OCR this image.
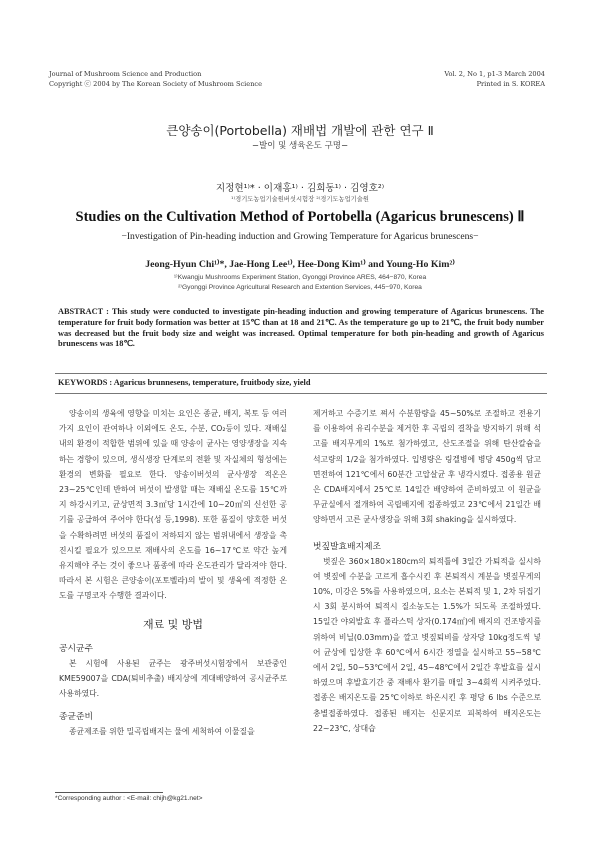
Journal of Mushroom Science and Production
Copyright ⓒ 2004 by The Korean Society of Mushroom Science
Vol. 2, No 1, p1-3 March 2004
Printed in S. KOREA
큰양송이(Portobella) 재배법 개발에 관한 연구 Ⅱ
−발이 및 생육온도 구명−
지정현¹⁾* · 이재홍¹⁾ · 김희동¹⁾ · 김영호²⁾
¹⁾경기도농업기술원버섯시험장 ²⁾경기도농업기술원
Studies on the Cultivation Method of Portobella (Agaricus brunescens) Ⅱ
−Investigation of Pin-heading induction and Growing Temperature for Agaricus brunescens−
Jeong-Hyun Chi¹⁾*, Jae-Hong Lee¹⁾, Hee-Dong Kim¹⁾ and Young-Ho Kim²⁾
¹⁾Kwangju Mushrooms Experiment Station, Gyonggi Province ARES, 464−870, Korea
²⁾Gyonggi Province Agricultural Research and Extention Services, 445−970, Korea
ABSTRACT : This study were conducted to investigate pin-heading induction and growing temperature of Agaricus brunescens. The temperature for fruit body formation was better at 15℃ than at 18 and 21℃. As the temperature go up to 21℃, the fruit body number was decreased but the fruit body size and weight was increased. Optimal temperature for both pin-heading and growth of Agaricus brunescens was 18℃.
KEYWORDS : Agaricus brunnesens, temperature, fruitbody size, yield

양송이의 생육에 영향을 미치는 요인은 종균, 배지, 복토 등 여러 가지 요인이 관여하나 이외에도 온도, 수분, CO₂등이 있다. 재배실내의 환경이 적합한 범위에 있을 때 양송이 균사는 영양생장을 지속하는 경향이 있으며, 생식생장 단계로의 전환 및 자실체의 형성에는 환경의 변화를 필요로 한다. 양송이버섯의 균사생장 적온은 23∼25℃인데 반하여 버섯이 발생할 때는 재배실 온도를 15℃까지 하강시키고, 균상면적 3.3㎡당 1시간에 10∼20㎥의 신선한 공기를 공급하여 주어야 한다(성 등,1998). 또한 품질이 양호한 버섯을 수확하려면 버섯의 품질이 저하되지 않는 범위내에서 생장을 촉진시킬 필요가 있으므로 재배사의 온도를 16∼17℃로 약간 높게 유지해야 주는 것이 좋으나 품종에 따라 온도관리가 달라져야 한다. 따라서 본 시험은 큰양송이(포토벨라)의 발이 및 생육에 적정한 온도를 구명코자 수행한 결과이다.

재료 및 방법
공시균주

본 시험에 사용된 균주는 광주버섯시험장에서 보관중인 KME59007을 CDA(퇴비추출) 배지상에 계대배양하여 공시균주로 사용하였다.

종균준비

종균제조를 위한 밀곡립배지는 물에 세척하여 이물질을

제거하고 수증기로 쪄서 수분함량을 45∼50%로 조절하고 전용기를 이용하여 유리수분을 제거한 후 곡립의 결착을 방지하기 위해 석고를 배지무게의 1%로 첨가하였고, 산도조절을 위해 탄산칼슘을 석고량의 1/2을 첨가하였다. 입병량은 링겔병에 병당 450g씩 담고 면전하여 121℃에서 60분간 고압살균 후 냉각시켰다. 접종용 원균은 CDA배지에서 25℃로 14일간 배양하여 준비하였고 이 원균을 무균실에서 절개하여 곡립배지에 접종하였고 23℃에서 21일간 배양하면서 고른 균사생장을 위해 3회 shaking을 실시하였다.

벗짚발효배지제조

벗짚은 360×180×180cm의 퇴적틀에 3일간 가퇴적을 실시하여 볏짚에 수분을 고르게 흡수시킨 후 본퇴적시 계분을 볏짚무게의 10%, 미강은 5%를 사용하였으며, 요소는 본퇴적 및 1, 2차 뒤집기시 3회 분시하여 퇴적시 질소농도는 1.5%가 되도록 조절하였다. 15일간 야외발효 후 플라스틱 상자(0.174㎡)에 배지의 건조방지를 위하여 비닐(0.03mm)을 깔고 볏짚퇴비를 상자당 10kg정도씩 넣어 균상에 입상한 후 60℃에서 6시간 정열을 실시하고 55∼58℃에서 2일, 50∼53℃에서 2일, 45∼48℃에서 2일간 후발효를 실시하였으며 후발효기간 중 재배사 환기를 매일 3∼4회씩 시켜주었다. 접종은 배지온도를 25℃이하로 하온시킨 후 평당 6 lbs 수준으로 충별접종하였다. 접종된 배지는 신문지로 피복하여 배지온도는 22∼23℃, 상대습

*Corresponding author : <E-mail: chijh@kg21.net>
